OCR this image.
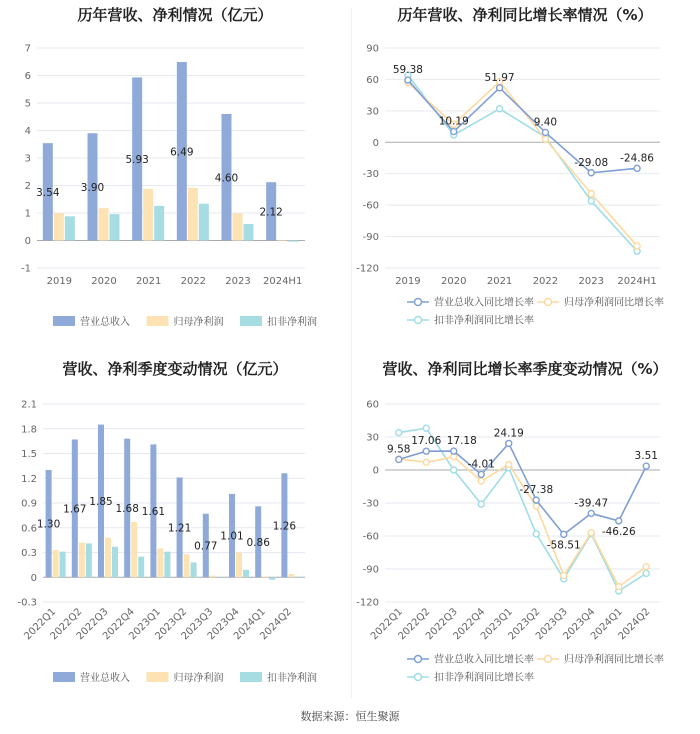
历年营收、净利情况（亿元）
7
6
5
4
3
2
1
0
-1
3.54
2019
3.90
2020
5.93
2021
6.49
2022
4.60
2023
2.12
2024H1
营业总收入	归母净利润	扣非净利润
历年营收、净利同比增长率情况（%）
90
60
30
0
-30
-60
-90
-120
59.38
10.19
51.97
9.40
-29.08 -24.86
2019 2020 2021 2022 2023 2024H1
营业总收入同比增长率	归母净利润同比增长率
扣非净利润同比增长率
营收、净利季度变动情况（亿元）
2.1
1.8
1.5
1.2
0.9
0.6
0.3
0
-0.3
1.30
2022Q1
1.67
2022Q2
1.85
2022Q3
1.68
2022Q4
1.61
2023Q1
1.21
2023Q2
0.77
2023Q3
1.01
2023Q4
0.86
2024Q1
1.26
2024Q2
营业总收入	归母净利润	扣非净利润
营收、净利同比增长率季度变动情况（%）
60
30
0
-30
-60
-90
-120
9.58
17.06 17.18
-4.01
24.19
-27.38
-58.51
-39.47
-46.26
3.51
2022Q1
2022Q2
2022Q3
2022Q4
2023Q1
2023Q2
2023Q3
2023Q4
2024Q1
2024Q2
营业总收入同比增长率	归母净利润同比增长率
扣非净利润同比增长率
数据来源：恒生聚源
